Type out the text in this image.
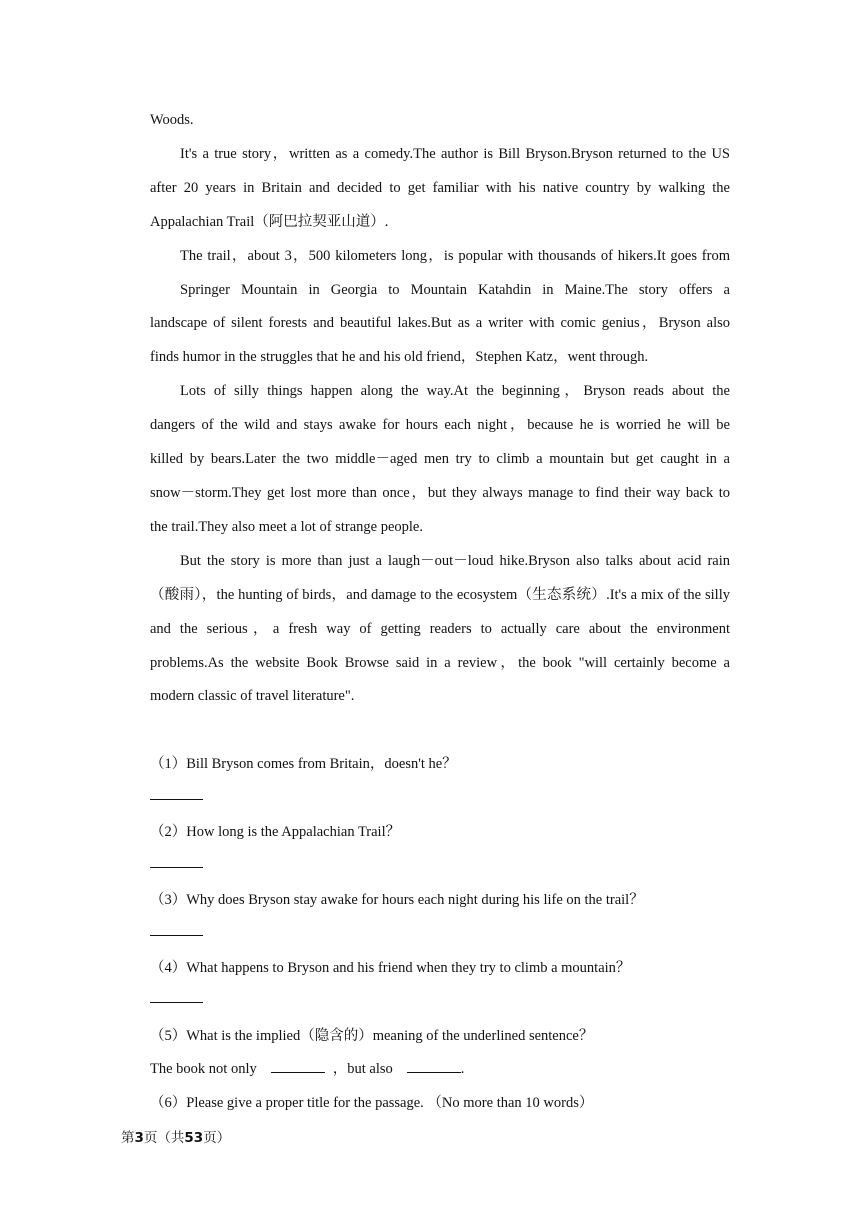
Woods.

It's a true story，written as a comedy.The author is Bill Bryson.Bryson returned to the US

after 20 years in Britain and decided to get familiar with his native country by walking the

Appalachian Trail（阿巴拉契亚山道）.

The trail，about 3，500 kilometers long，is popular with thousands of hikers.It goes from

Springer Mountain in Georgia to Mountain Katahdin in Maine.The story offers a

landscape of silent forests and beautiful lakes.But as a writer with comic genius，Bryson also

finds humor in the struggles that he and his old friend，Stephen Katz，went through.

Lots of silly things happen along the way.At the beginning，Bryson reads about the

dangers of the wild and stays awake for hours each night，because he is worried he will be

killed by bears.Later the two middle－aged men try to climb a mountain but get caught in a

snow－storm.They get lost more than once，but they always manage to find their way back to

the trail.They also meet a lot of strange people.

But the story is more than just a laugh－out－loud hike.Bryson also talks about acid rain

（酸雨），the hunting of birds，and damage to the ecosystem（生态系统）.It's a mix of the silly

and the serious，a fresh way of getting readers to actually care about the environment

problems.As the website Book Browse said in a review，the book "will certainly become a

modern classic of travel literature".

（1）Bill Bryson comes from Britain，doesn't he？

（2）How long is the Appalachian Trail？

（3）Why does Bryson stay awake for hours each night during his life on the trail？

（4）What happens to Bryson and his friend when they try to climb a mountain？

（5）What is the implied（隐含的）meaning of the underlined sentence？

The book not only	，but also	.

（6）Please give a proper title for the passage. （No more than 10 words）

第3页（共53页）
